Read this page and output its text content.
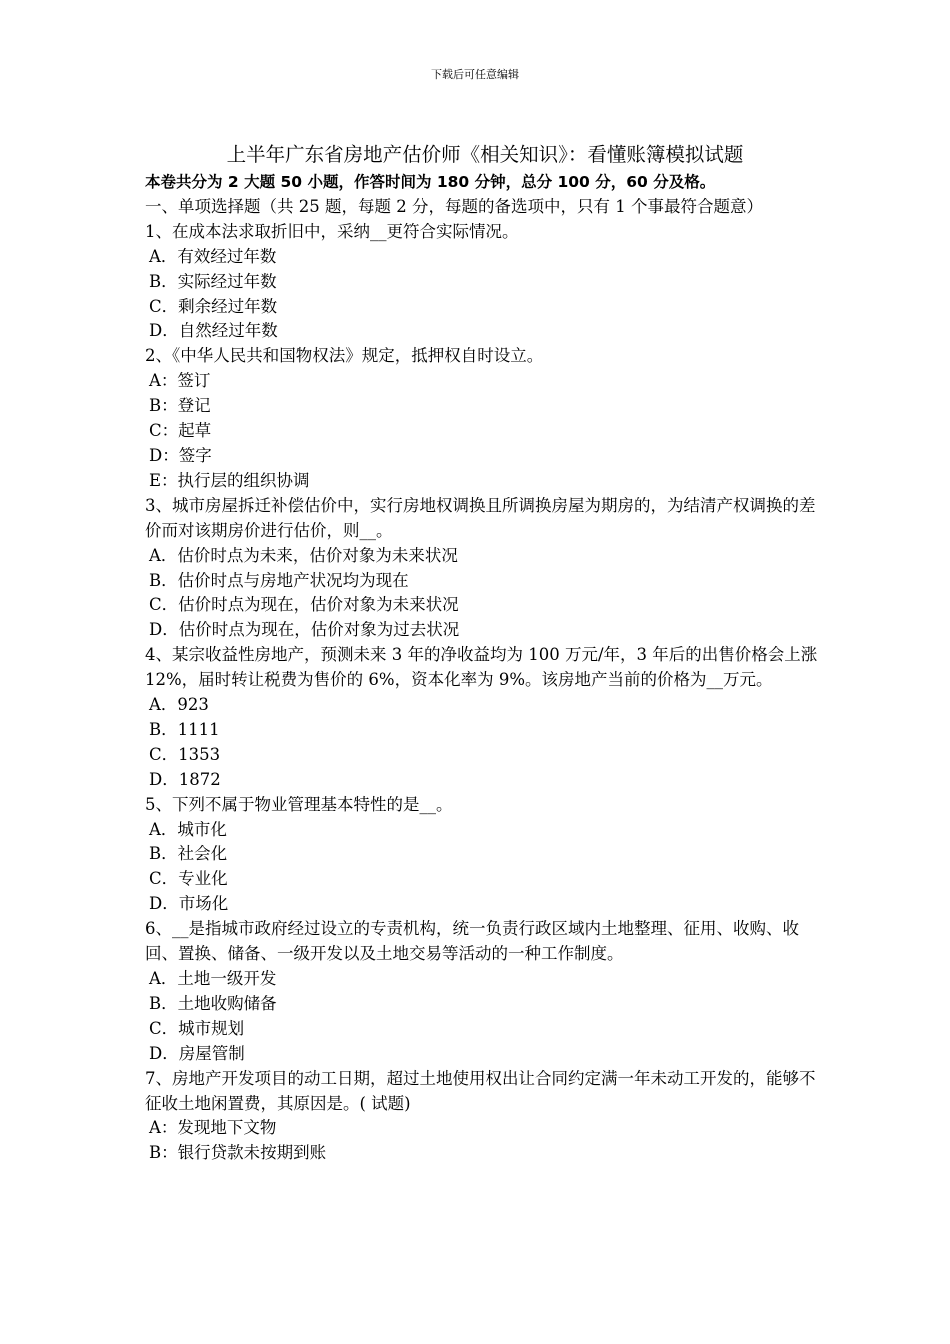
下载后可任意编辑
上半年广东省房地产估价师《相关知识》：看懂账簿模拟试题

本卷共分为 2 大题 50 小题，作答时间为 180 分钟，总分 100 分，60 分及格。

一、单项选择题（共 25 题，每题 2 分，每题的备选项中，只有 1 个事最符合题意）

1、在成本法求取折旧中，采纳__更符合实际情况。

A．有效经过年数

B．实际经过年数

C．剩余经过年数

D．自然经过年数

2、《中华人民共和国物权法》规定，抵押权自时设立。

A：签订

B：登记

C：起草

D：签字

E：执行层的组织协调

3、城市房屋拆迁补偿估价中，实行房地权调换且所调换房屋为期房的，为结清产权调换的差价而对该期房价进行估价，则__。

A．估价时点为未来，估价对象为未来状况

B．估价时点与房地产状况均为现在

C．估价时点为现在，估价对象为未来状况

D．估价时点为现在，估价对象为过去状况

4、某宗收益性房地产，预测未来 3 年的净收益均为 100 万元/年，3 年后的出售价格会上涨 12%，届时转让税费为售价的 6%，资本化率为 9%。该房地产当前的价格为__万元。

A．923

B．1111

C．1353

D．1872

5、下列不属于物业管理基本特性的是__。

A．城市化

B．社会化

C．专业化

D．市场化

6、__是指城市政府经过设立的专责机构，统一负责行政区域内土地整理、征用、收购、收回、置换、储备、一级开发以及土地交易等活动的一种工作制度。

A．土地一级开发

B．土地收购储备

C．城市规划

D．房屋管制

7、房地产开发项目的动工日期，超过土地使用权出让合同约定满一年未动工开发的，能够不征收土地闲置费，其原因是。( 试题)

A：发现地下文物

B：银行贷款未按期到账
